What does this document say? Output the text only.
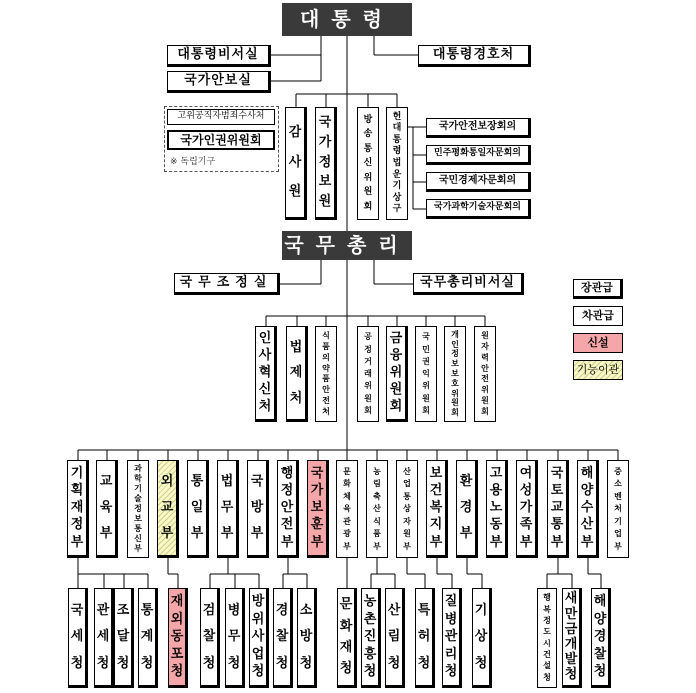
대통령
대통령비서실
국가안보실
대통령경호처
고위공직자범죄수사처
국가인권위원회
※ 독립기구
감
사
원
국
가
정
보
원
방
송
통
신
위
원
회
헌
대
통
령
법
운
기
상
구
국가안전보장회의
민주평화통일자문회의
국민경제자문회의
국가과학기술자문회의
국무총리
국무조정실	국무총리비서실	장관급
차관급
신설
기능이관
인
사
혁
신
처
법
제
처
식
품
의
약
품
안
전
처
공
정
거
래
위
원
회
금
융
위
원
회
국
민
권
익
위
원
회
개
인
정
보
보
호
위
원
회
원
자
력
안
전
위
원
회
기
획
재
정
부
교
육
부
과
학
기
술
정
보
통
신
부
외
교
부
통
일
부
법
무
부
국
방
부
행
정
안
전
부
국
가
보
훈
부
문
화
체
육
관
광
부
농
림
축
산
식
품
부
산
업
통
상
자
원
부
보
건
복
지
부
환
경
부
고
용
노
동
부
여
성
가
족
부
국
토
교
통
부
해
양
수
산
부
중
소
벤
처
기
업
부
국
세
청
관
세
청
조
달
청
통
계
청
재
외
동
포
청
검
찰
청
병
무
청
방
위
사
업
청
경
찰
청
소
방
청
문
화
재
청
농
촌
진
흥
청
산
림
청
특
허
청
질
병
관
리
청
기
상
청
행
복
정
도
시
건
설
청
새
만
금
개
발
청
해
양
경
찰
청
